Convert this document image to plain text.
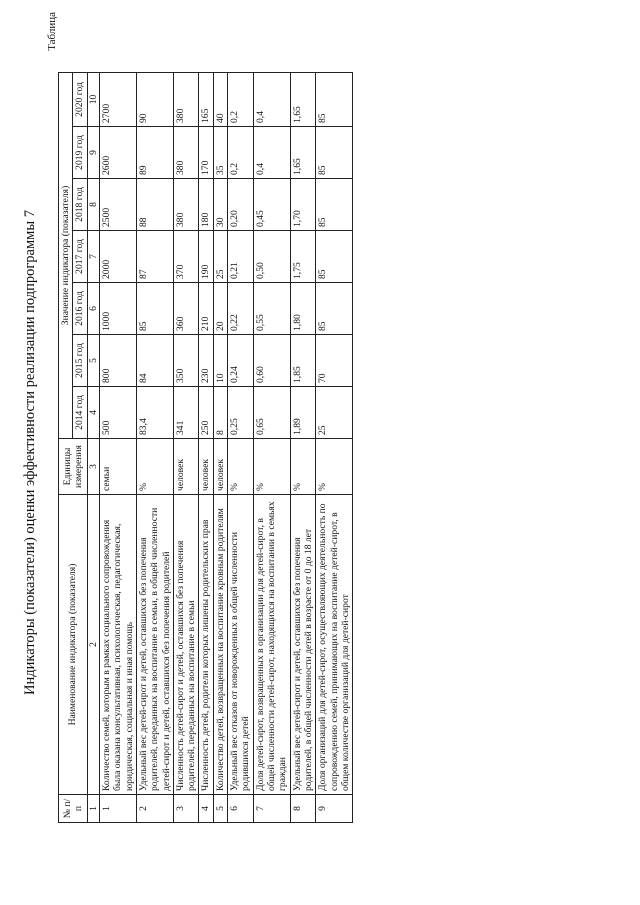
Индикаторы (показатели) оценки эффективности реализации подпрограммы 7
Таблица
№ п/п	Наименование индикатора (показателя)	Единицы измерения	Значение индикатора (показателя)						
			2014 год	2015 год	2016 год	2017 год	2018 год	2019 год	2020 год
1	2	3	4	5	6	7	8	9	10
1	Количество семей, которым в рамках социального сопровождения была оказана консультативная, психологическая, педагогическая, юридическая, социальная и иная помощь	семьи	500	800	1000	2000	2500	2600	2700
2	Удельный вес детей-сирот и детей, оставшихся без попечения родителей, переданных на воспитание в семьи, в общей численности детей-сирот и детей, оставшихся без попечения родителей	%	83,4	84	85	87	88	89	90
3	Численность детей-сирот и детей, оставшихся без попечения родителей, переданных на воспитание в семьи	человек	341	350	360	370	380	380	380
4	Численность детей, родители которых лишены родительских прав	человек	250	230	210	190	180	170	165
5	Количество детей, возвращенных на воспитание кровным родителям	человек	8	10	20	25	30	35	40
6	Удельный вес отказов от новорожденных в общей численности родившихся детей	%	0,25	0,24	0,22	0,21	0,20	0,2	0,2
7	Доля детей-сирот, возвращенных в организации для детей-сирот, в общей численности детей-сирот, находящихся на воспитании в семьях граждан	%	0,65	0,60	0,55	0,50	0,45	0,4	0,4
8	Удельный вес детей-сирот и детей, оставшихся без попечения родителей, в общей численности детей в возрасте от 0 до 18 лет	%	1,89	1,85	1,80	1,75	1,70	1,65	1,65
9	Доля организаций для детей-сирот, осуществляющих деятельность по сопровождению семей, принимающих на воспитание детей-сирот, в общем количестве организаций для детей-сирот	%	25	70	85	85	85	85	85
